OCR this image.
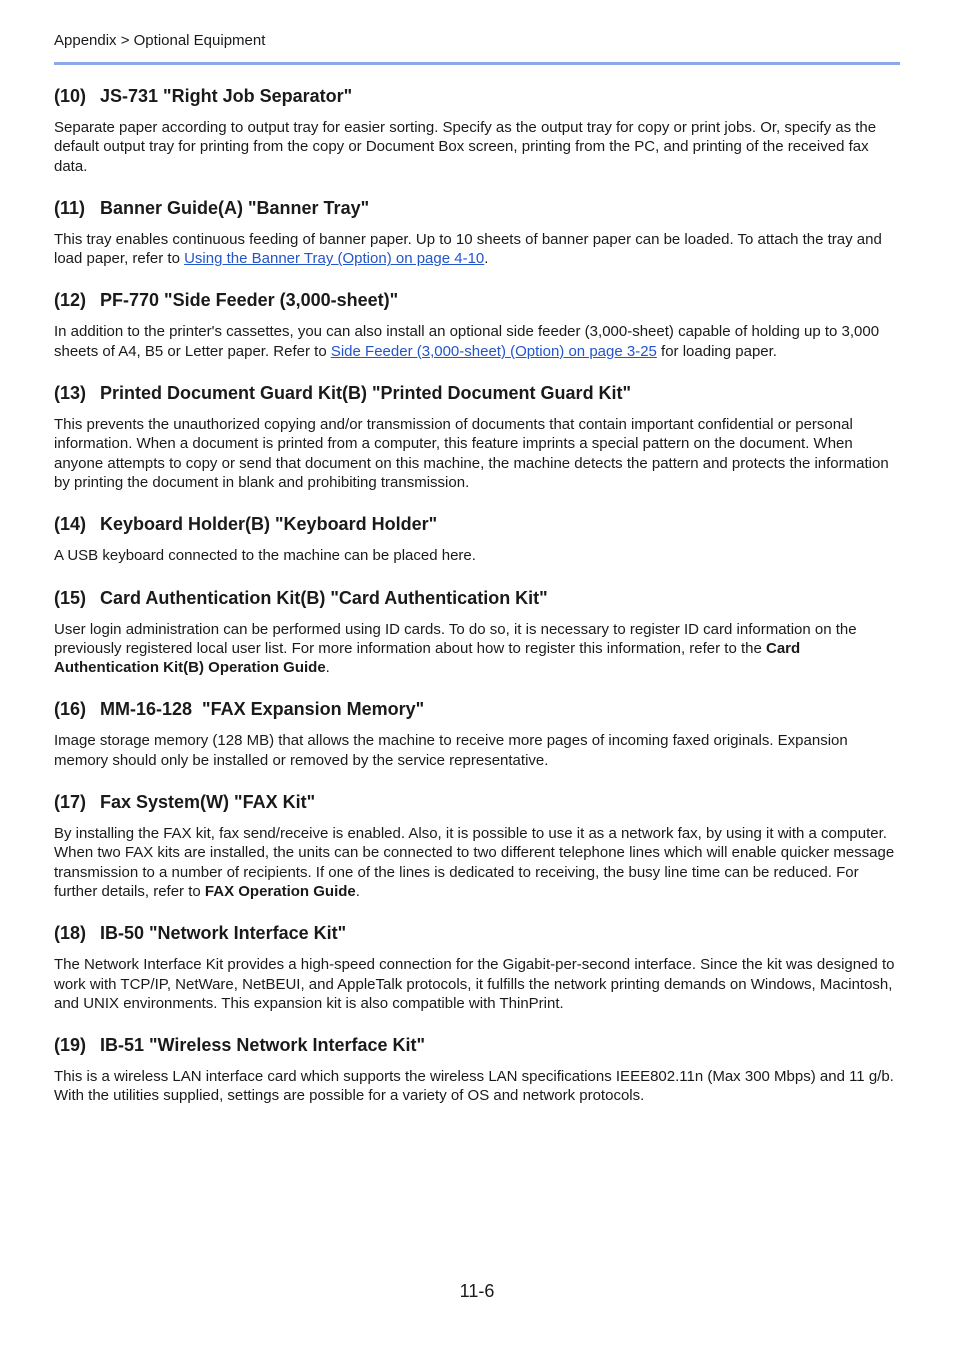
Appendix > Optional Equipment
(10) JS-731 "Right Job Separator"

Separate paper according to output tray for easier sorting. Specify as the output tray for copy or print jobs. Or, specify as the default output tray for printing from the copy or Document Box screen, printing from the PC, and printing of the received fax data.

(11) Banner Guide(A) "Banner Tray"

This tray enables continuous feeding of banner paper. Up to 10 sheets of banner paper can be loaded. To attach the tray and load paper, refer to Using the Banner Tray (Option) on page 4-10.

(12) PF-770 "Side Feeder (3,000-sheet)"

In addition to the printer's cassettes, you can also install an optional side feeder (3,000-sheet) capable of holding up to 3,000 sheets of A4, B5 or Letter paper. Refer to Side Feeder (3,000-sheet) (Option) on page 3-25 for loading paper.

(13) Printed Document Guard Kit(B) "Printed Document Guard Kit"

This prevents the unauthorized copying and/or transmission of documents that contain important confidential or personal information. When a document is printed from a computer, this feature imprints a special pattern on the document. When anyone attempts to copy or send that document on this machine, the machine detects the pattern and protects the information by printing the document in blank and prohibiting transmission.

(14) Keyboard Holder(B) "Keyboard Holder"

A USB keyboard connected to the machine can be placed here.

(15) Card Authentication Kit(B) "Card Authentication Kit"

User login administration can be performed using ID cards. To do so, it is necessary to register ID card information on the previously registered local user list. For more information about how to register this information, refer to the Card Authentication Kit(B) Operation Guide.

(16) MM-16-128  "FAX Expansion Memory"

Image storage memory (128 MB) that allows the machine to receive more pages of incoming faxed originals. Expansion memory should only be installed or removed by the service representative.

(17) Fax System(W) "FAX Kit"

By installing the FAX kit, fax send/receive is enabled. Also, it is possible to use it as a network fax, by using it with a computer. When two FAX kits are installed, the units can be connected to two different telephone lines which will enable quicker message transmission to a number of recipients. If one of the lines is dedicated to receiving, the busy line time can be reduced. For further details, refer to FAX Operation Guide.

(18) IB-50 "Network Interface Kit"

The Network Interface Kit provides a high-speed connection for the Gigabit-per-second interface. Since the kit was designed to work with TCP/IP, NetWare, NetBEUI, and AppleTalk protocols, it fulfills the network printing demands on Windows, Macintosh, and UNIX environments. This expansion kit is also compatible with ThinPrint.

(19) IB-51 "Wireless Network Interface Kit"

This is a wireless LAN interface card which supports the wireless LAN specifications IEEE802.11n (Max 300 Mbps) and 11 g/b. With the utilities supplied, settings are possible for a variety of OS and network protocols.

11-6
